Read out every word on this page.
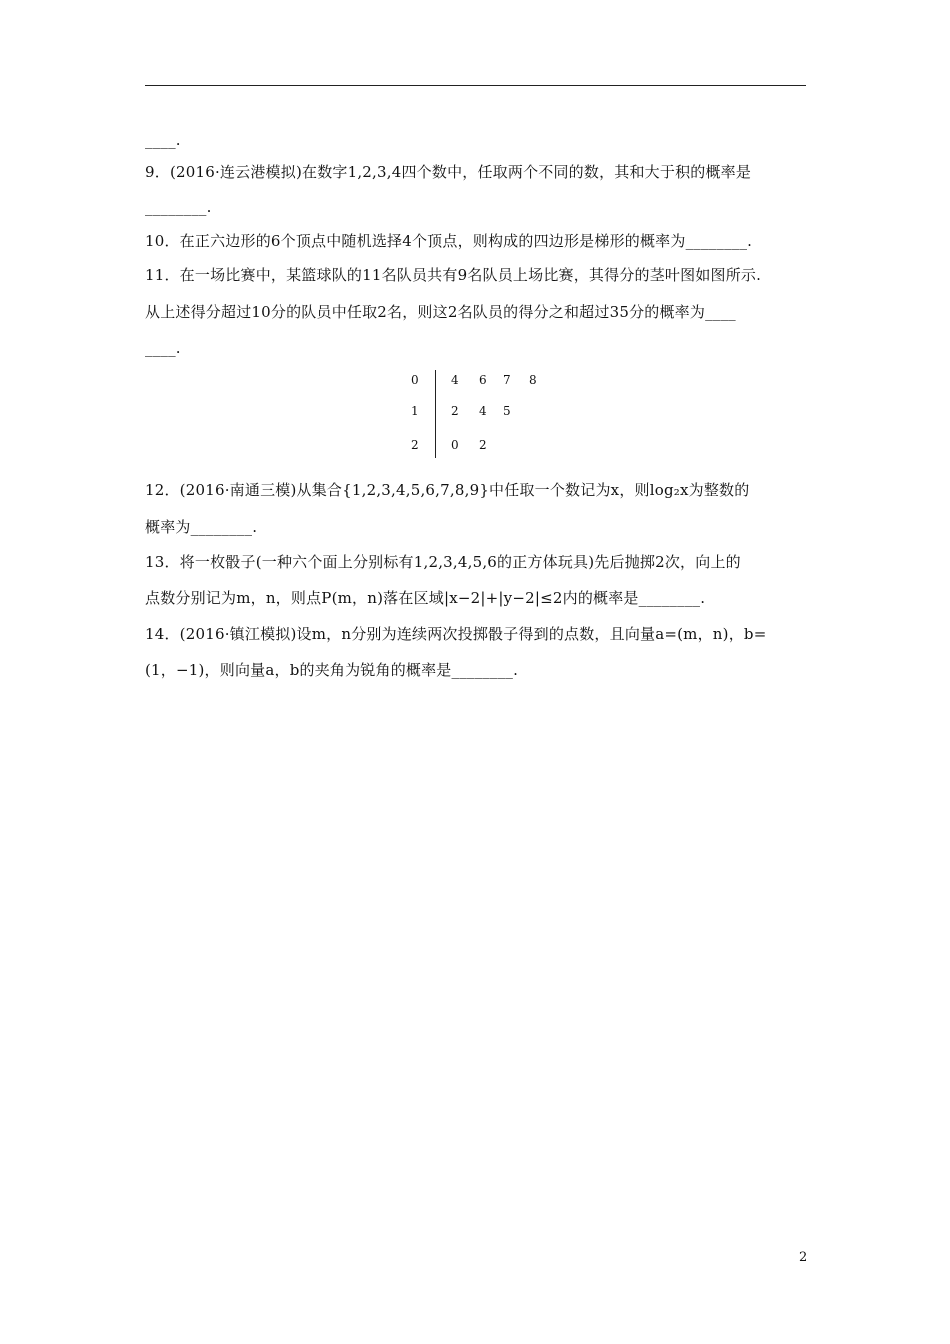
____.
9．(2016·连云港模拟)在数字1,2,3,4四个数中，任取两个不同的数，其和大于积的概率是
________.
10．在正六边形的6个顶点中随机选择4个顶点，则构成的四边形是梯形的概率为________.
11．在一场比赛中，某篮球队的11名队员共有9名队员上场比赛，其得分的茎叶图如图所示.
从上述得分超过10分的队员中任取2名，则这2名队员的得分之和超过35分的概率为____
____.
0	4 6 7 8
1	2 4 5
2	0 2
12．(2016·南通三模)从集合{1,2,3,4,5,6,7,8,9}中任取一个数记为x，则log₂x为整数的
概率为________.
13．将一枚骰子(一种六个面上分别标有1,2,3,4,5,6的正方体玩具)先后抛掷2次，向上的
点数分别记为m，n，则点P(m，n)落在区域|x−2|+|y−2|≤2内的概率是________.
14．(2016·镇江模拟)设m，n分别为连续两次投掷骰子得到的点数，且向量a=(m，n)，b=
(1，−1)，则向量a，b的夹角为锐角的概率是________.
2
